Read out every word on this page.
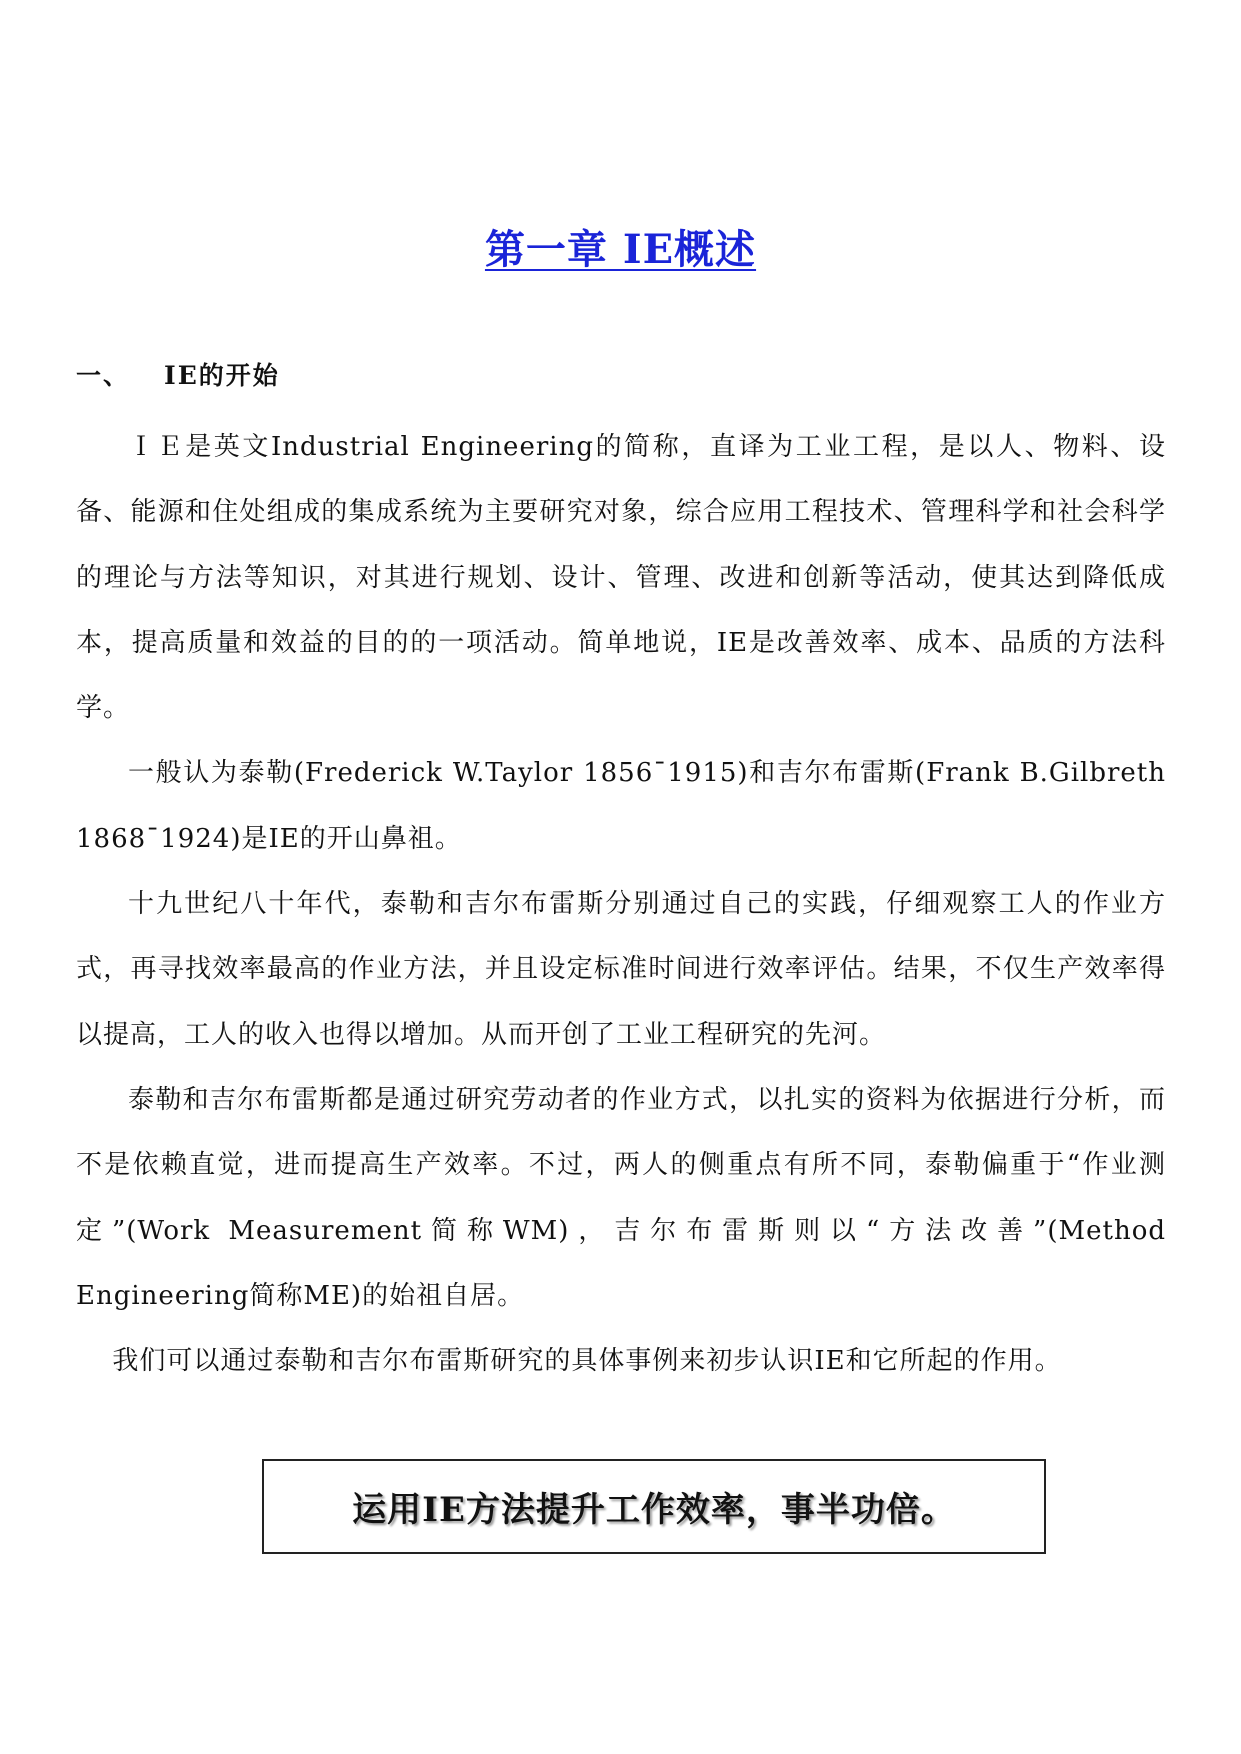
第一章 IE概述
一、 IE的开始

ＩＥ是英文Industrial Engineering的简称，直译为工业工程，是以人、物料、设备、能源和住处组成的集成系统为主要研究对象，综合应用工程技术、管理科学和社会科学的理论与方法等知识，对其进行规划、设计、管理、改进和创新等活动，使其达到降低成本，提高质量和效益的目的的一项活动。简单地说，IE是改善效率、成本、品质的方法科学。

一般认为泰勒(Frederick W.Taylor 1856¯1915)和吉尔布雷斯(Frank B.Gilbreth 1868¯1924)是IE的开山鼻祖。

十九世纪八十年代，泰勒和吉尔布雷斯分别通过自己的实践，仔细观察工人的作业方式，再寻找效率最高的作业方法，并且设定标准时间进行效率评估。结果，不仅生产效率得以提高，工人的收入也得以增加。从而开创了工业工程研究的先河。

泰勒和吉尔布雷斯都是通过研究劳动者的作业方式，以扎实的资料为依据进行分析，而不是依赖直觉，进而提高生产效率。不过，两人的侧重点有所不同，泰勒偏重于“作业测定”(Work Measurement简称WM)，吉尔布雷斯则以“方法改善”(Method Engineering简称ME)的始祖自居。

我们可以通过泰勒和吉尔布雷斯研究的具体事例来初步认识IE和它所起的作用。

运用IE方法提升工作效率，事半功倍。
